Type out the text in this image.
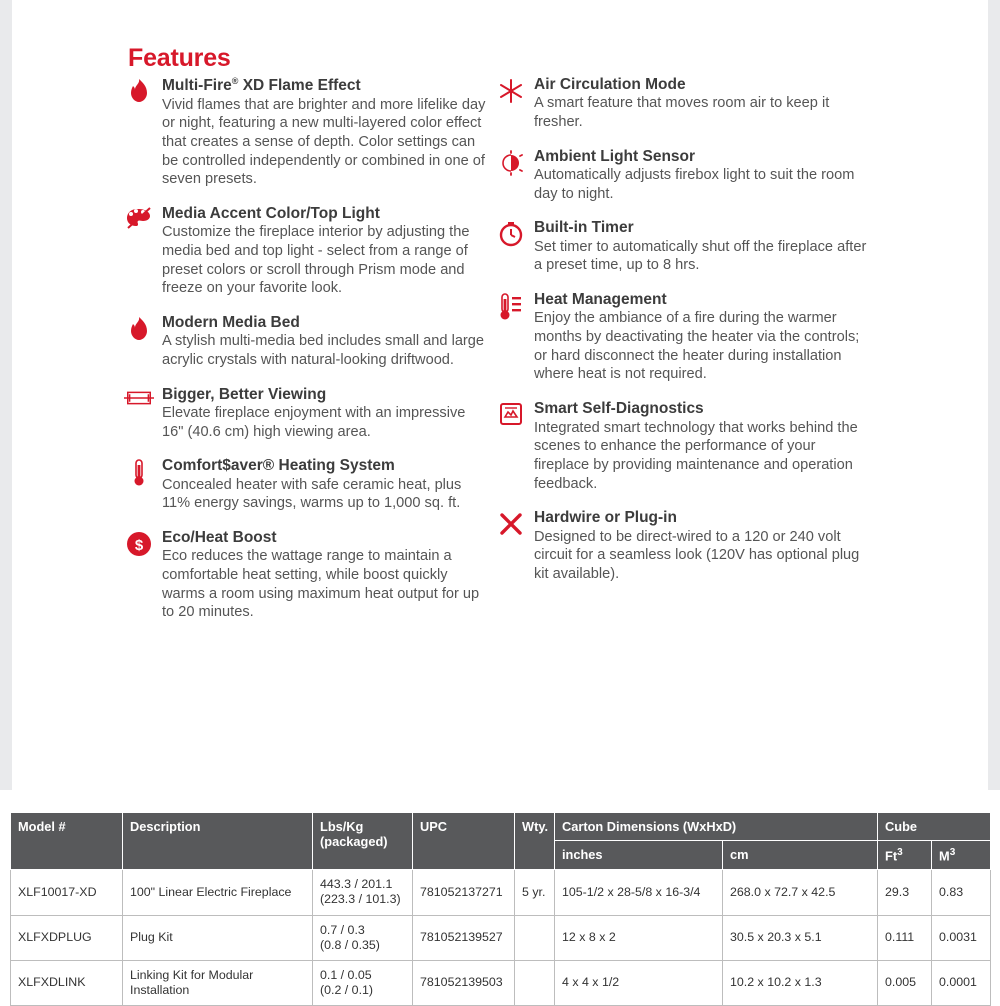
Features
Multi-Fire® XD Flame Effect

Vivid flames that are brighter and more lifelike day or night, featuring a new multi-layered color effect that creates a sense of depth. Color settings can be controlled independently or combined in one of seven presets.

Media Accent Color/Top Light

Customize the fireplace interior by adjusting the media bed and top light - select from a range of preset colors or scroll through Prism mode and freeze on your favorite look.

Modern Media Bed

A stylish multi-media bed includes small and large acrylic crystals with natural-looking driftwood.

Bigger, Better Viewing

Elevate fireplace enjoyment with an impressive 16" (40.6 cm) high viewing area.

Comfort$aver® Heating System

Concealed heater with safe ceramic heat, plus 11% energy savings, warms up to 1,000 sq. ft.

$ Eco/Heat Boost

Eco reduces the wattage range to maintain a comfortable heat setting, while boost quickly warms a room using maximum heat output for up to 20 minutes.

Air Circulation Mode

A smart feature that moves room air to keep it fresher.

Ambient Light Sensor

Automatically adjusts firebox light to suit the room day to night.

Built-in Timer

Set timer to automatically shut off the fireplace after a preset time, up to 8 hrs.

Heat Management

Enjoy the ambiance of a fire during the warmer months by deactivating the heater via the controls; or hard disconnect the heater during installation where heat is not required.

Smart Self-Diagnostics

Integrated smart technology that works behind the scenes to enhance the performance of your fireplace by providing maintenance and operation feedback.

Hardwire or Plug-in

Designed to be direct-wired to a 120 or 240 volt circuit for a seamless look (120V has optional plug kit available).

Model #	Description	Lbs/Kg
(packaged)	UPC	Wty.	Carton Dimensions (WxHxD)		Cube	
					inches	cm	Ft$^3$	$M^3$
XLF10017-XD	100" Linear Electric Fireplace	443.3 / 201.1
(223.3 / 101.3)	781052137271	5 yr.	105-1/2 x 28-5/8 x 16-3/4	268.0 x 72.7 x 42.5	29.3	0.83
XLFXDPLUG	Plug Kit	0.7 / 0.3
(0.8 / 0.35)	781052139527		12 x 8 x 2	30.5 x 20.3 x 5.1	0.111	0.0031
XLFXDLINK	Linking Kit for Modular Installation	0.1 / 0.05
(0.2 / 0.1)	781052139503		4 x 4 x 1/2	10.2 x 10.2 x 1.3	0.005	0.0001
